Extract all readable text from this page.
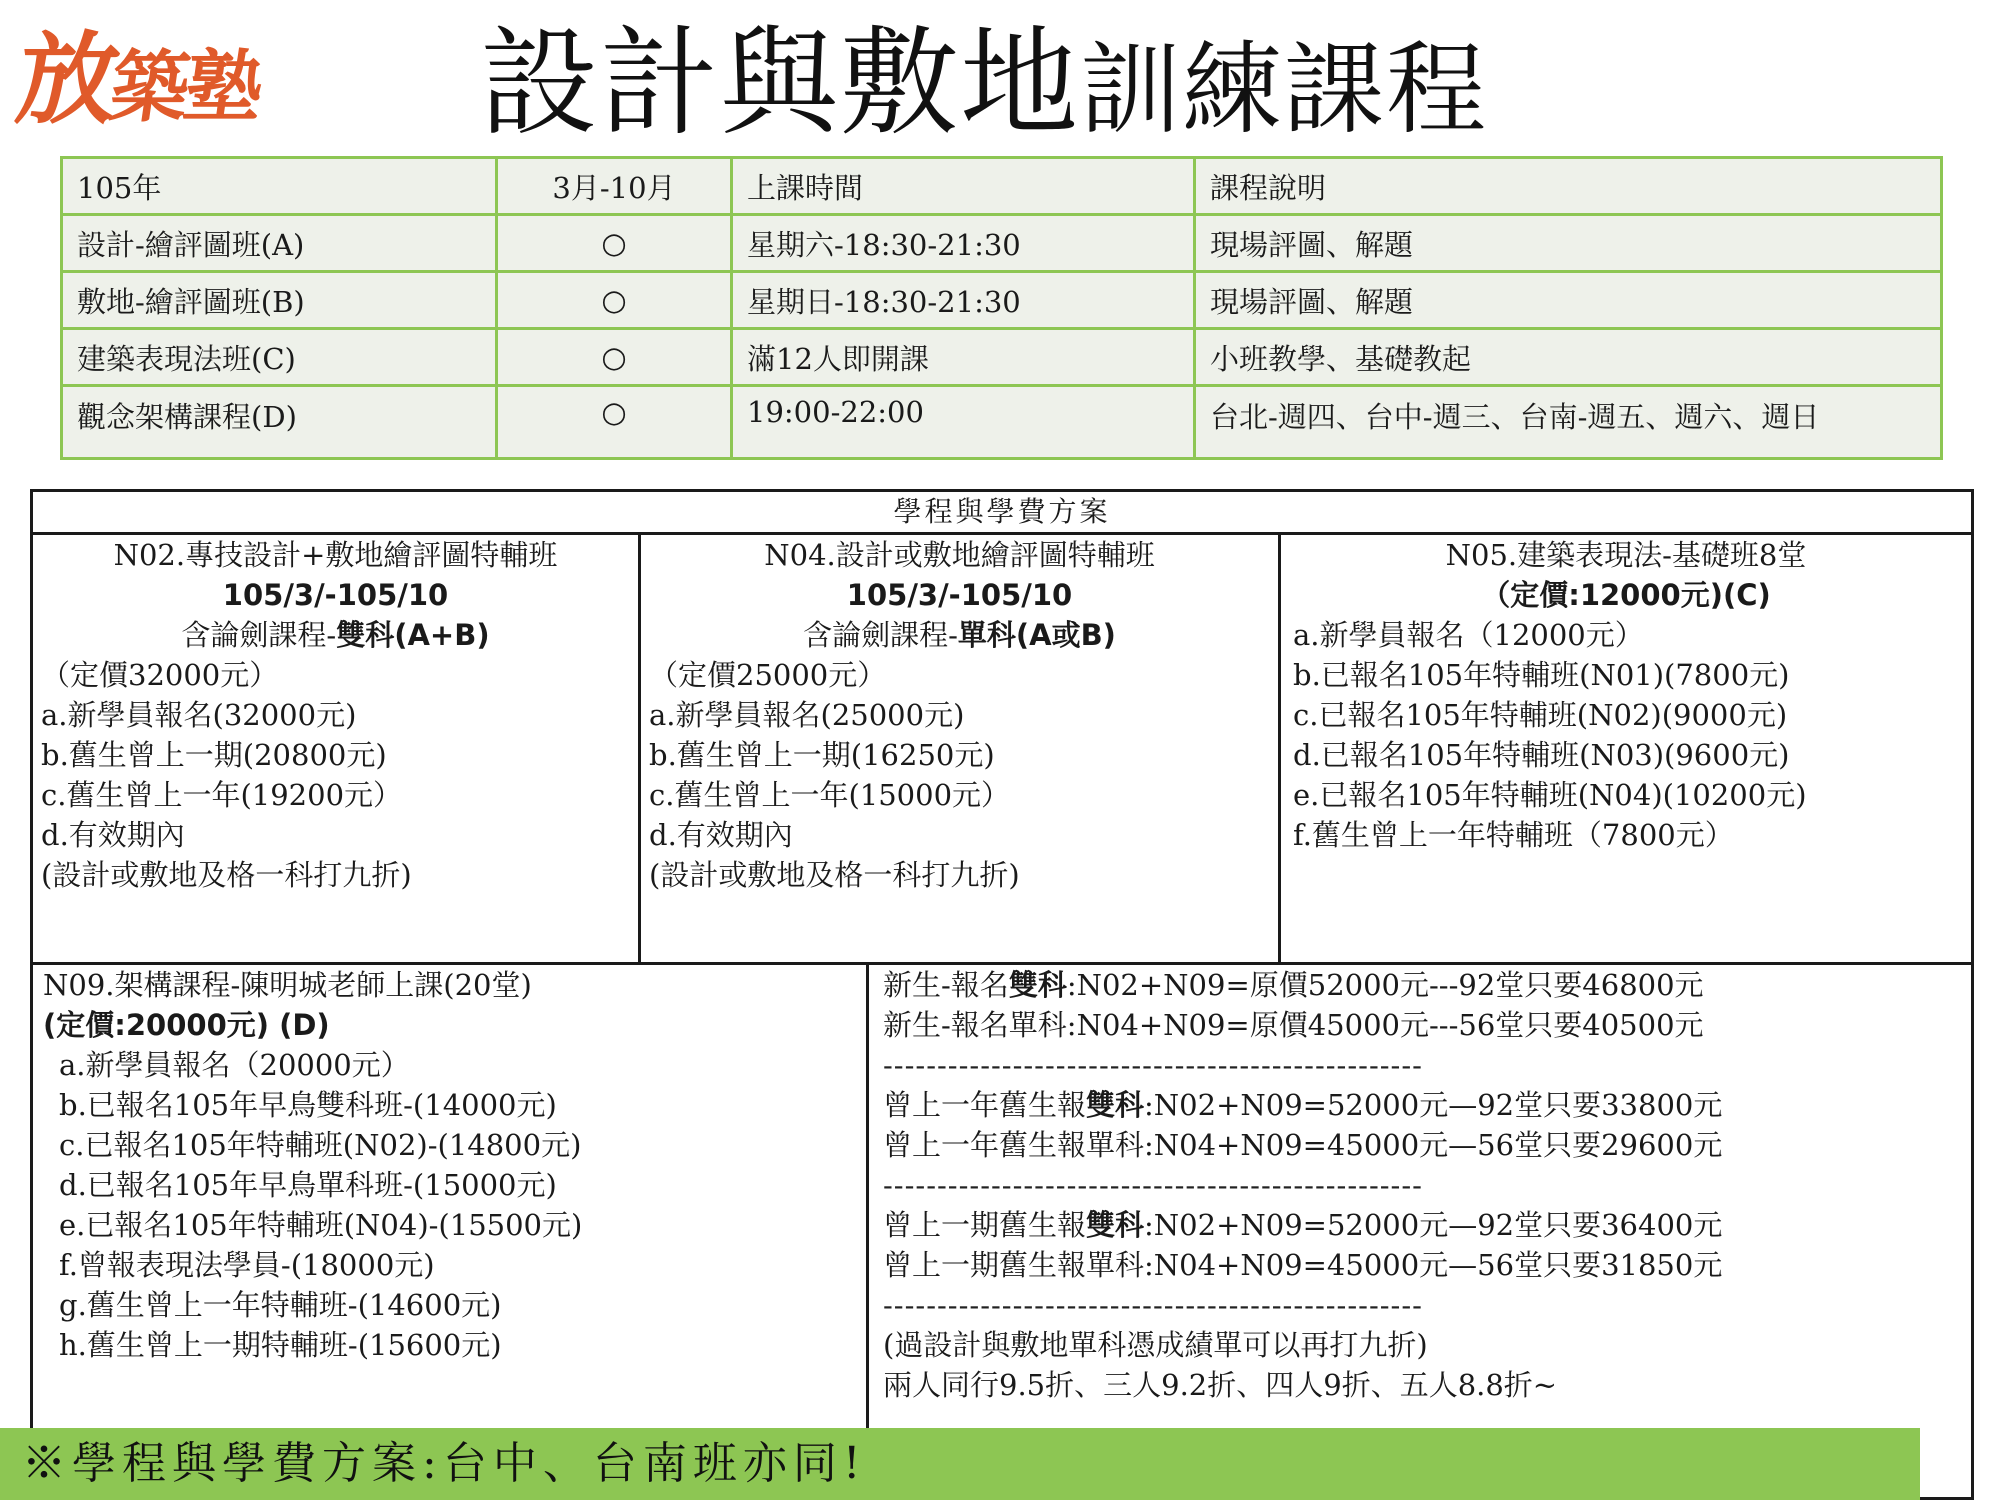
放築塾	設計與敷地訓練課程
105年	3月-10月	上課時間	課程說明
設計-繪評圖班(A)	○	星期六-18:30-21:30	現場評圖、解題
敷地-繪評圖班(B)	○	星期日-18:30-21:30	現場評圖、解題
建築表現法班(C)	○	滿12人即開課	小班教學、基礎教起
觀念架構課程(D)	○	19:00-22:00	台北-週四、台中-週三、台南-週五、週六、週日
學程與學費方案
N02.專技設計+敷地繪評圖特輔班
105/3/-105/10
含論劍課程-雙科(A+B)
（定價32000元）
a.新學員報名(32000元)
b.舊生曾上一期(20800元)
c.舊生曾上一年(19200元）
d.有效期內
(設計或敷地及格一科打九折)
N04.設計或敷地繪評圖特輔班
105/3/-105/10
含論劍課程-單科(A或B)
（定價25000元）
a.新學員報名(25000元)
b.舊生曾上一期(16250元)
c.舊生曾上一年(15000元）
d.有效期內
(設計或敷地及格一科打九折)
N05.建築表現法-基礎班8堂
（定價:12000元)(C)
a.新學員報名（12000元）
b.已報名105年特輔班(N01)(7800元)
c.已報名105年特輔班(N02)(9000元)
d.已報名105年特輔班(N03)(9600元)
e.已報名105年特輔班(N04)(10200元)
f.舊生曾上一年特輔班（7800元）
N09.架構課程-陳明城老師上課(20堂)
(定價:20000元) (D)
a.新學員報名（20000元）
b.已報名105年早鳥雙科班-(14000元)
c.已報名105年特輔班(N02)-(14800元)
d.已報名105年早鳥單科班-(15000元)
e.已報名105年特輔班(N04)-(15500元)
f.曾報表現法學員-(18000元)
g.舊生曾上一年特輔班-(14600元)
h.舊生曾上一期特輔班-(15600元)
新生-報名雙科:N02+N09=原價52000元---92堂只要46800元
新生-報名單科:N04+N09=原價45000元---56堂只要40500元
--------------------------------------------------
曾上一年舊生報雙科:N02+N09=52000元—92堂只要33800元
曾上一年舊生報單科:N04+N09=45000元—56堂只要29600元
--------------------------------------------------
曾上一期舊生報雙科:N02+N09=52000元—92堂只要36400元
曾上一期舊生報單科:N04+N09=45000元—56堂只要31850元
--------------------------------------------------
(過設計與敷地單科憑成績單可以再打九折)
兩人同行9.5折、三人9.2折、四人9折、五人8.8折~
※學程與學費方案:台中、台南班亦同!
